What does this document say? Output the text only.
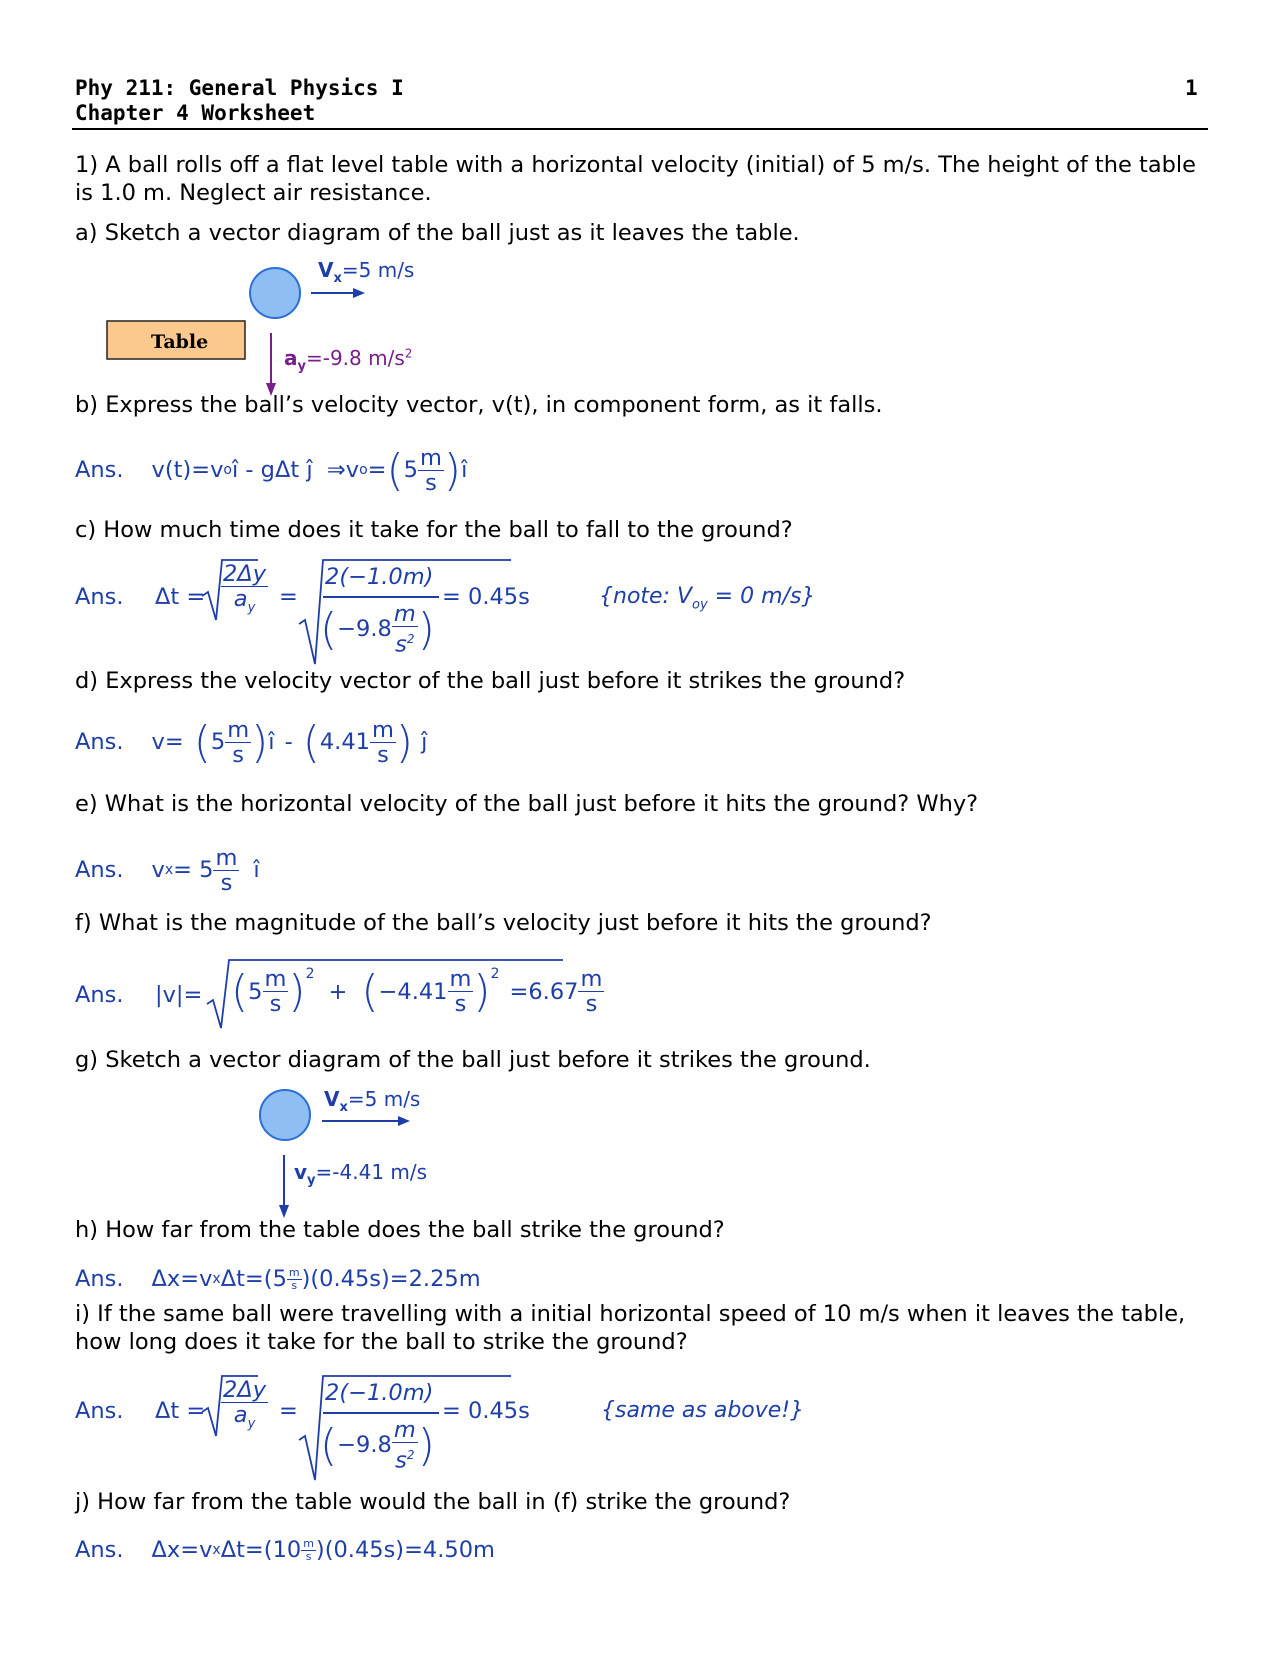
Phy 211: General Physics I
Chapter 4 Worksheet
1
1) A ball rolls off a flat level table with a horizontal velocity (initial) of 5 m/s. The height of the table is 1.0 m. Neglect air resistance.
a) Sketch a vector diagram of the ball just as it leaves the table.
Table
$V_x=5$ m/s
$a_y=-9.8$ $m/s^2$
b) Express the ball’s velocity vector, v(t), in component form, as it falls.
Ans. v(t)=v o î - gΔt ĵ  ⇒ v o = ( $5 \frac{m}{s}$ ) î
c) How much time does it take for the ball to fall to the ground?
Ans. $\Delta t = \frac{2\Delta y}{a_y}$ =
2(−1.0m)
( $-9.8 \frac{m}{s^2}$ )
= 0.45s	{note: $V_{oy} = 0$ m/s}
d) Express the velocity vector of the ball just before it strikes the ground?
Ans. v= ( $5 \frac{m}{s}$ ) î - ( $4.41 \frac{m}{s}$ ) ĵ
e) What is the horizontal velocity of the ball just before it hits the ground? Why?
Ans. v $x = 5 \frac{m}{s}$ î
f) What is the magnitude of the ball’s velocity just before it hits the ground?
Ans. |v|= ( $5 \frac{m}{s} )^2$
+ ( $-4.41 \frac{m}{s} )^2$
$=6.67 \frac{m}{s}$
g) Sketch a vector diagram of the ball just before it strikes the ground.
$V_x=5$ m/s
$v_y=-4.41$ m/s
h) How far from the table does the ball strike the ground?
Ans. Δx=v x $\Delta t=(5 \frac{m}{s} )(0.45s)=2.25m$
i) If the same ball were travelling with a initial horizontal speed of 10 m/s when it leaves the table, how long does it take for the ball to strike the ground?
Ans. $\Delta t = \frac{2\Delta y}{a_y}$ =
2(−1.0m)
( $-9.8 \frac{m}{s^2}$ )
= 0.45s	{same as above!}
j) How far from the table would the ball in (f) strike the ground?
Ans. Δx=v x $\Delta t=(10 \frac{m}{s} )(0.45s)=4.50m$
